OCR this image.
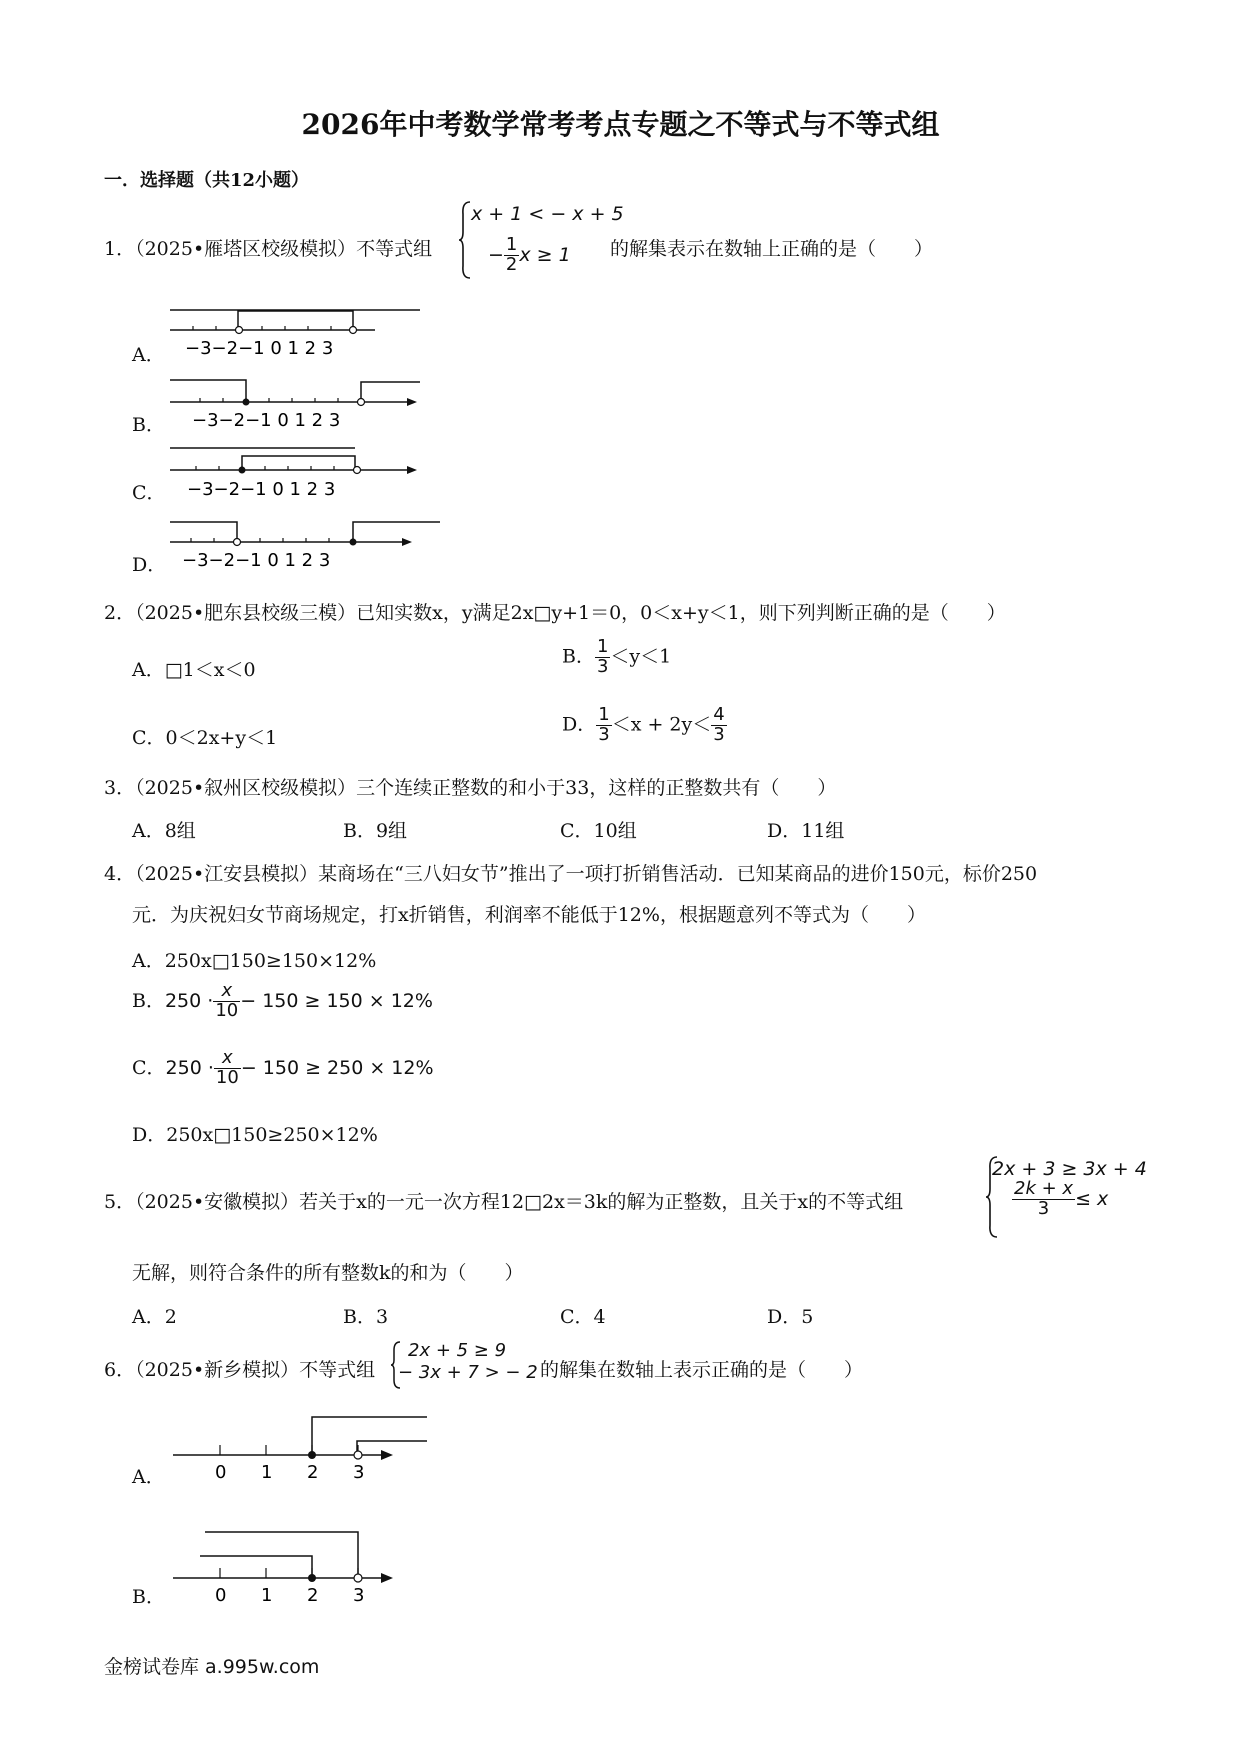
2026年中考数学常考考点专题之不等式与不等式组
一．选择题（共12小题）
1．（2025•雁塔区校级模拟）不等式组
x + 1 < − x + 5
− $\frac{1}{2}$ x ≥ 1 的解集表示在数轴上正确的是（　　）
A． −3−2−1 0 1 2 3
B． −3−2−1 0 1 2 3
C． −3−2−1 0 1 2 3
D． −3−2−1 0 1 2 3
2．（2025•肥东县校级三模）已知实数x，y满足2x□y+1＝0，0＜x+y＜1，则下列判断正确的是（　　）
A．□1＜x＜0
B． $\frac{1}{3} <y<1$
C．0＜2x+y＜1
D． $\frac{1}{3} <x + 2y< \frac{4}{3}$
3．（2025•叙州区校级模拟）三个连续正整数的和小于33，这样的正整数共有（　　）
A．8组	B．9组	C．10组	D．11组
4．（2025•江安县模拟）某商场在“三八妇女节”推出了一项打折销售活动．已知某商品的进价150元，标价250
元．为庆祝妇女节商场规定，打x折销售，利润率不能低于12%，根据题意列不等式为（　　）
A．250x□150≥150×12%
B．$250 \cdot \frac{x}{10} - 150 \ge 150 \times 12\%$
C．$250 \cdot \frac{x}{10} - 150 \ge 250 \times 12\%$
D．250x□150≥250×12%
5．（2025•安徽模拟）若关于x的一元一次方程12□2x＝3k的解为正整数，且关于x的不等式组
2x + 3 ≥ 3x + 4
$\frac{2k + x}{3} \le x$
无解，则符合条件的所有整数k的和为（　　）
A．2	B．3	C．4	D．5
6．（2025•新乡模拟）不等式组
2x + 5 ≥ 9
− 3x + 7 > − 2 的解集在数轴上表示正确的是（　　）
A．	0 1 2 3
B．	0 1 2 3
金榜试卷库 a.995w.com
